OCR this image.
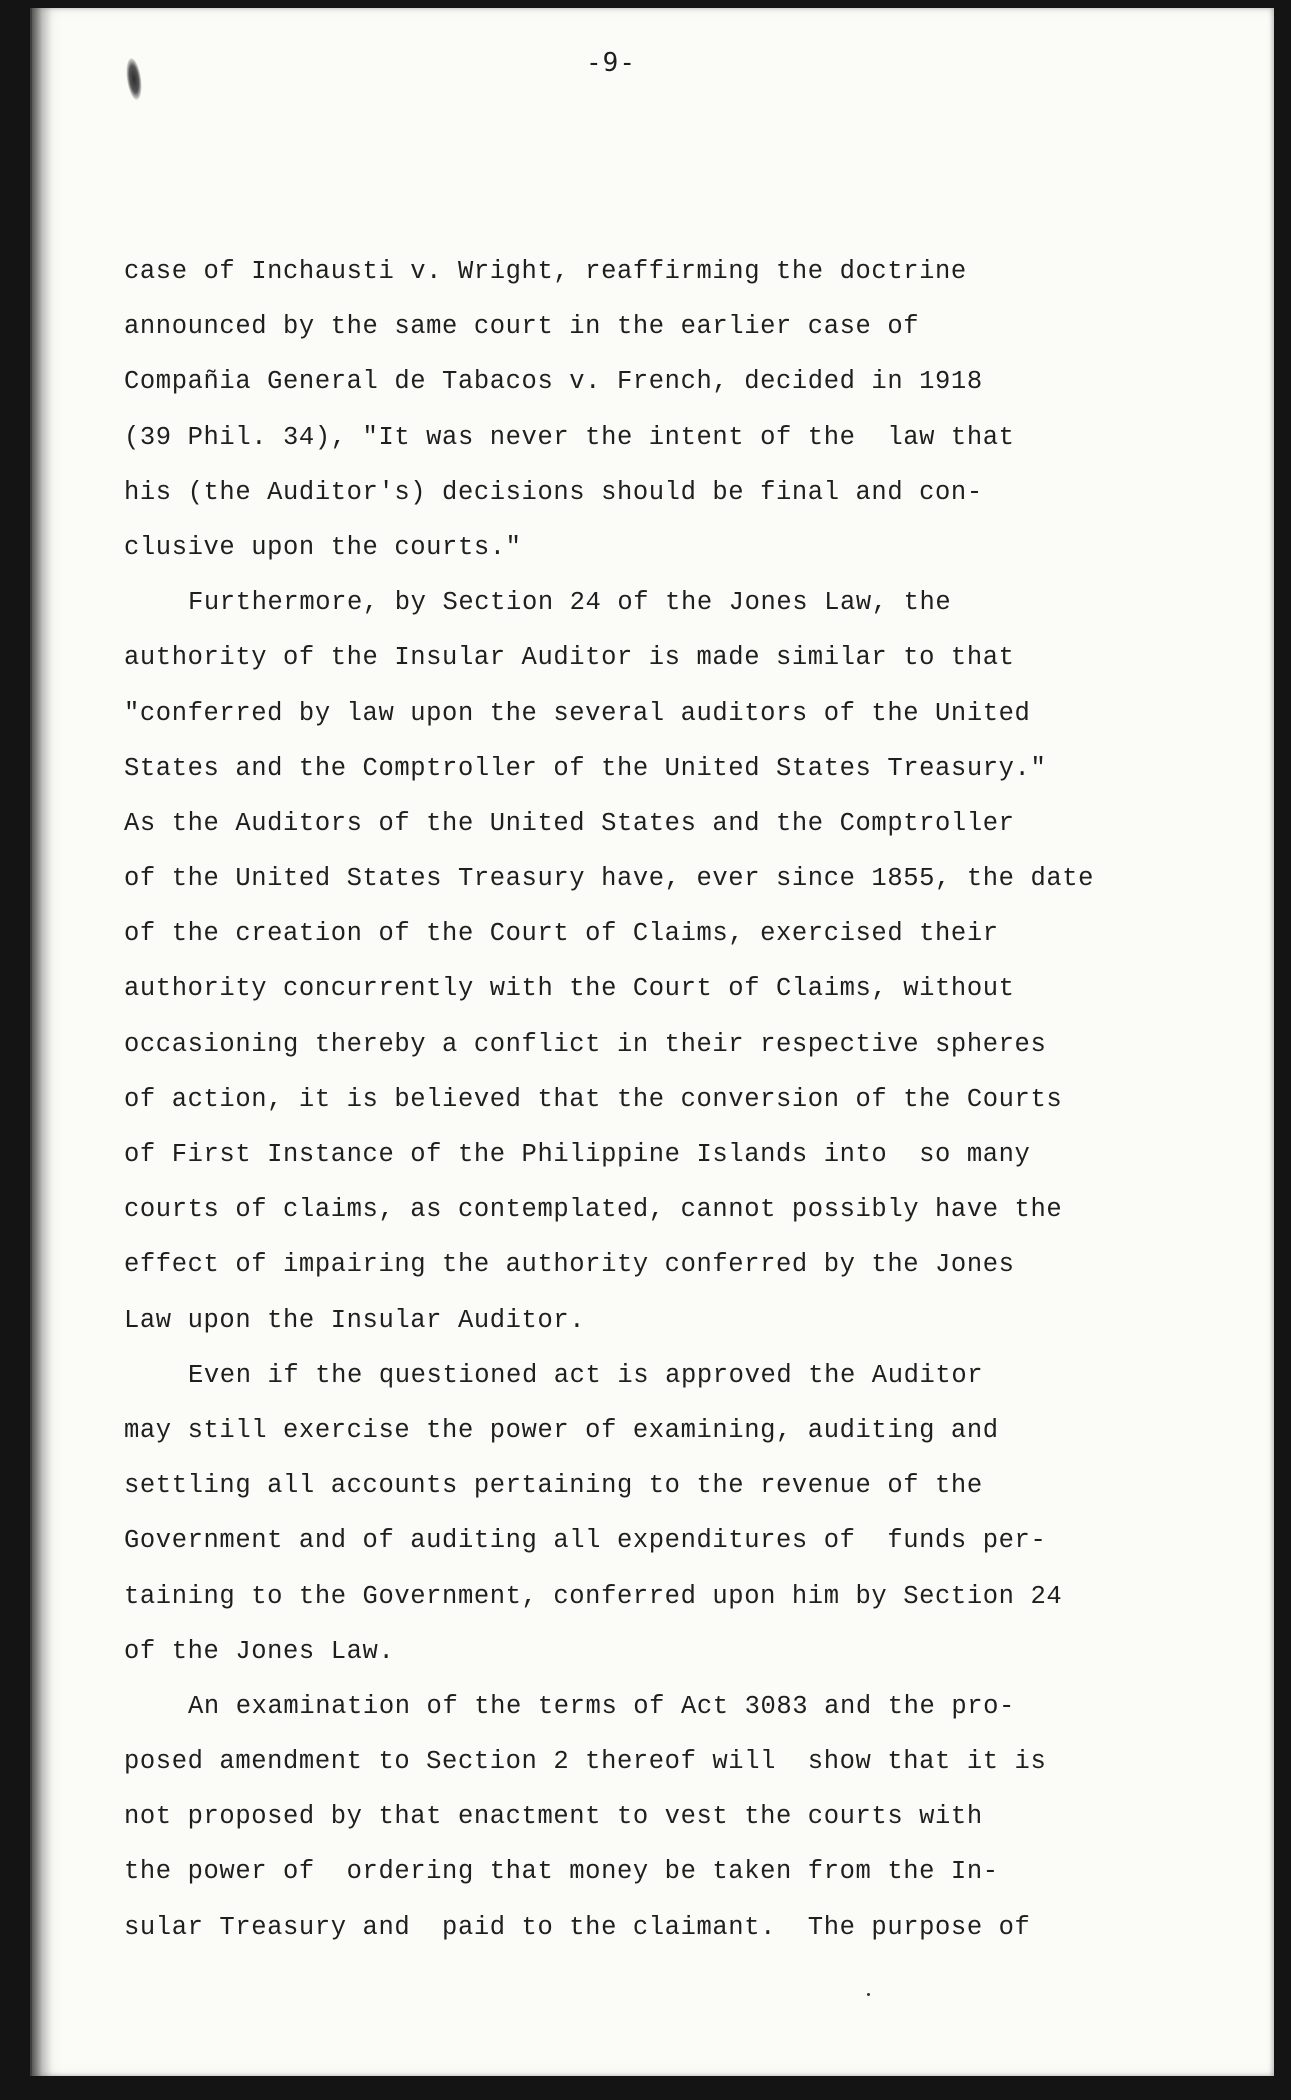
-9-
case of Inchausti v. Wright, reaffirming the doctrine
announced by the same court in the earlier case of
Compañia General de Tabacos v. French, decided in 1918
(39 Phil. 34), "It was never the intent of the  law that
his (the Auditor's) decisions should be final and con-
clusive upon the courts."
Furthermore, by Section 24 of the Jones Law, the
authority of the Insular Auditor is made similar to that
"conferred by law upon the several auditors of the United
States and the Comptroller of the United States Treasury."
As the Auditors of the United States and the Comptroller
of the United States Treasury have, ever since 1855, the date
of the creation of the Court of Claims, exercised their
authority concurrently with the Court of Claims, without
occasioning thereby a conflict in their respective spheres
of action, it is believed that the conversion of the Courts
of First Instance of the Philippine Islands into  so many
courts of claims, as contemplated, cannot possibly have the
effect of impairing the authority conferred by the Jones
Law upon the Insular Auditor.
Even if the questioned act is approved the Auditor
may still exercise the power of examining, auditing and
settling all accounts pertaining to the revenue of the
Government and of auditing all expenditures of  funds per-
taining to the Government, conferred upon him by Section 24
of the Jones Law.
An examination of the terms of Act 3083 and the pro-
posed amendment to Section 2 thereof will  show that it is
not proposed by that enactment to vest the courts with
the power of  ordering that money be taken from the In-
sular Treasury and  paid to the claimant.  The purpose of
